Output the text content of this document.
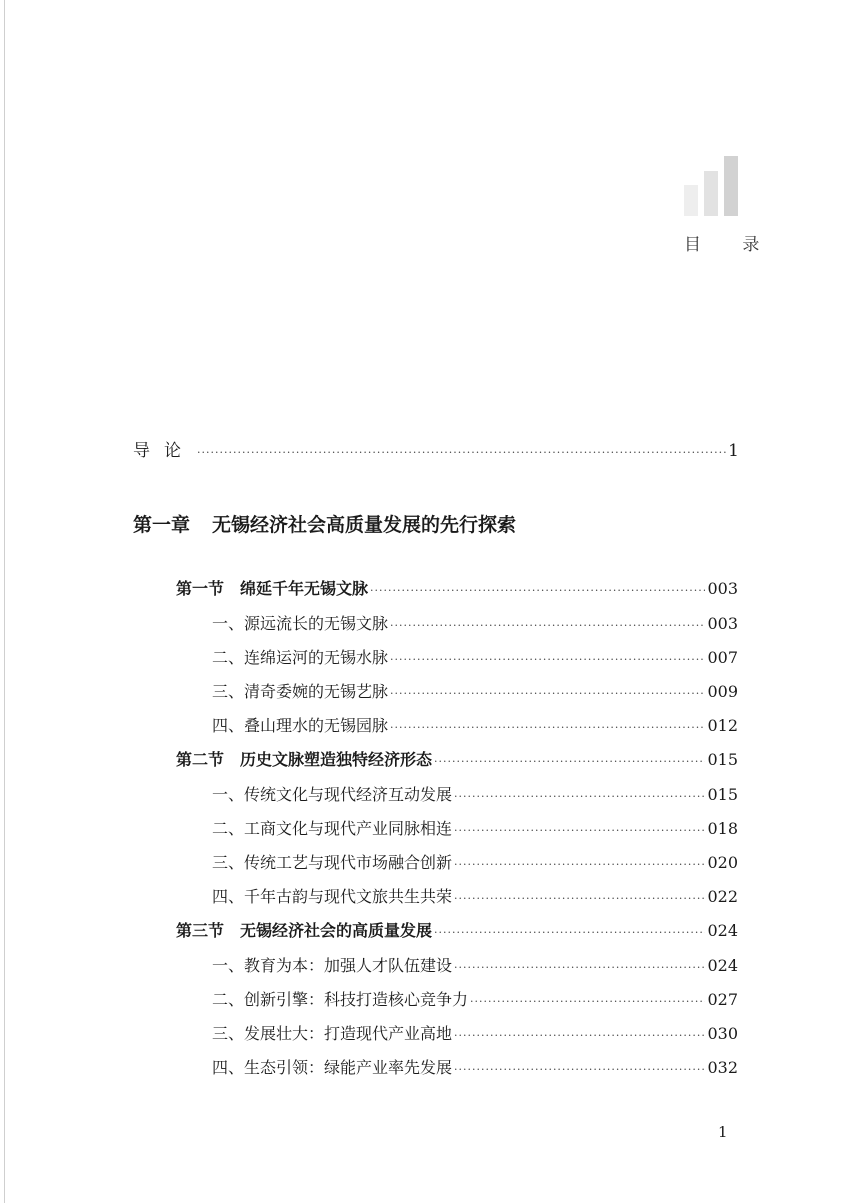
目 录
导论 ·····	1
第一章 无锡经济社会高质量发展的先行探索
第一节 绵延千年无锡文脉 ·····	003
一、源远流长的无锡文脉 ·····	003
二、连绵运河的无锡水脉 ·····	007
三、清奇委婉的无锡艺脉 ·····	009
四、叠山理水的无锡园脉 ·····	012
第二节 历史文脉塑造独特经济形态 ·····	015
一、传统文化与现代经济互动发展 ·····	015
二、工商文化与现代产业同脉相连 ·····	018
三、传统工艺与现代市场融合创新 ·····	020
四、千年古韵与现代文旅共生共荣 ·····	022
第三节 无锡经济社会的高质量发展 ·····	024
一、教育为本：加强人才队伍建设 ·····	024
二、创新引擎：科技打造核心竞争力 ·····	027
三、发展壮大：打造现代产业高地 ·····	030
四、生态引领：绿能产业率先发展 ·····	032
1
